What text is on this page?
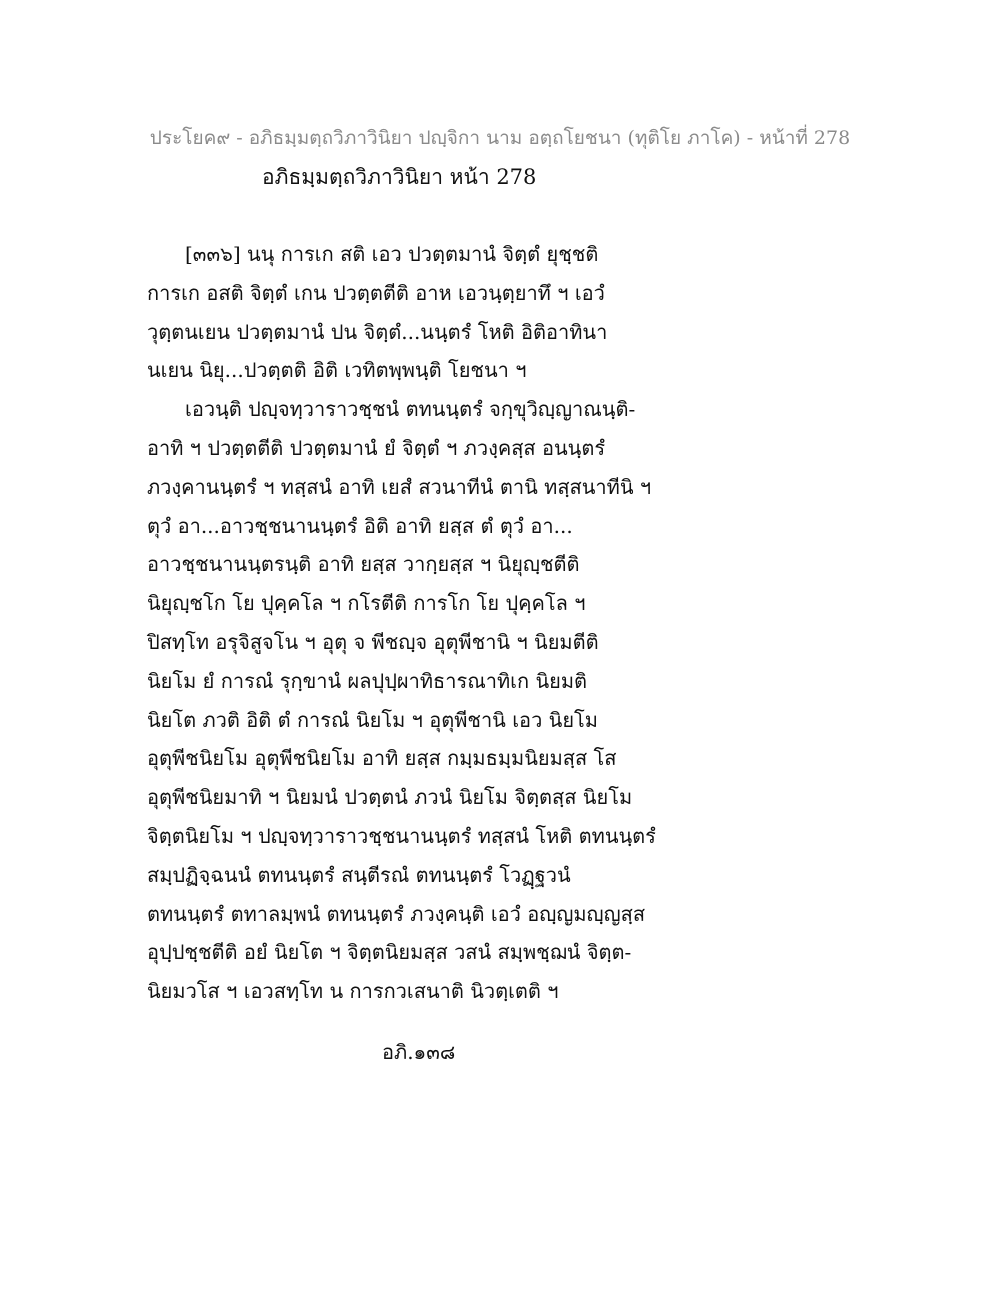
ประโยค๙ - อภิธมฺมตฺถวิภาวินิยา ปญฺจิกา นาม อตฺถโยชนา (ทุติโย ภาโค) - หน้าที่ 278
อภิธมฺมตฺถวิภาวินิยา หน้า 278
[๓๓๖] นนุ การเก สติ เอว ปวตฺตมานํ จิตฺตํ ยุชฺชติ
การเก อสติ จิตฺตํ เกน ปวตฺตตีติ อาห เอวนฺตฺยาทึ ฯ เอวํ
วุตฺตนเยน ปวตฺตมานํ ปน จิตฺตํ...นนฺตรํ โหติ อิติอาทินา
นเยน นิยุ...ปวตฺตติ อิติ เวทิตพฺพนฺติ โยชนา ฯ
เอวนฺติ ปญฺจทฺวาราวชฺชนํ ตทนนฺตรํ จกฺขุวิญฺญาณนฺติ-
อาทิ ฯ ปวตฺตตีติ ปวตฺตมานํ ยํ จิตฺตํ ฯ ภวงฺคสฺส อนนฺตรํ
ภวงฺคานนฺตรํ ฯ ทสฺสนํ อาทิ เยสํ สวนาทีนํ ตานิ ทสฺสนาทีนิ ฯ
ตุวํ อา...อาวชฺชนานนฺตรํ อิติ อาทิ ยสฺส ตํ ตุวํ อา...
อาวชฺชนานนฺตรนฺติ อาทิ ยสฺส วากฺยสฺส ฯ นิยุญฺชตีติ
นิยุญฺชโก โย ปุคฺคโล ฯ กโรตีติ การโก โย ปุคฺคโล ฯ
ปิสทฺโท อรุจิสูจโน ฯ อุตุ จ พีชญฺจ อุตุพีชานิ ฯ นิยมตีติ
นิยโม ยํ การณํ รุกฺขานํ ผลปุปฺผาทิธารณาทิเก นิยมติ
นิยโต ภวติ อิติ ตํ การณํ นิยโม ฯ อุตุพีชานิ เอว นิยโม
อุตุพีชนิยโม อุตุพีชนิยโม อาทิ ยสฺส กมฺมธมฺมนิยมสฺส โส
อุตุพีชนิยมาทิ ฯ นิยมนํ ปวตฺตนํ ภวนํ นิยโม จิตฺตสฺส นิยโม
จิตฺตนิยโม ฯ ปญฺจทฺวาราวชฺชนานนฺตรํ ทสฺสนํ โหติ ตทนนฺตรํ
สมฺปฏิจฺฉนนํ ตทนนฺตรํ สนฺตีรณํ ตทนนฺตรํ โวฏฺฐวนํ
ตทนนฺตรํ ตทาลมฺพนํ ตทนนฺตรํ ภวงฺคนฺติ เอวํ อญฺญมญฺญสฺส
อุปฺปชฺชตีติ อยํ นิยโต ฯ จิตฺตนิยมสฺส วสนํ สมฺพชฺฌนํ จิตฺต-
นิยมวโส ฯ เอวสทฺโท น การกวเสนาติ นิวตฺเตติ ฯ
อภิ.๑๓๘
